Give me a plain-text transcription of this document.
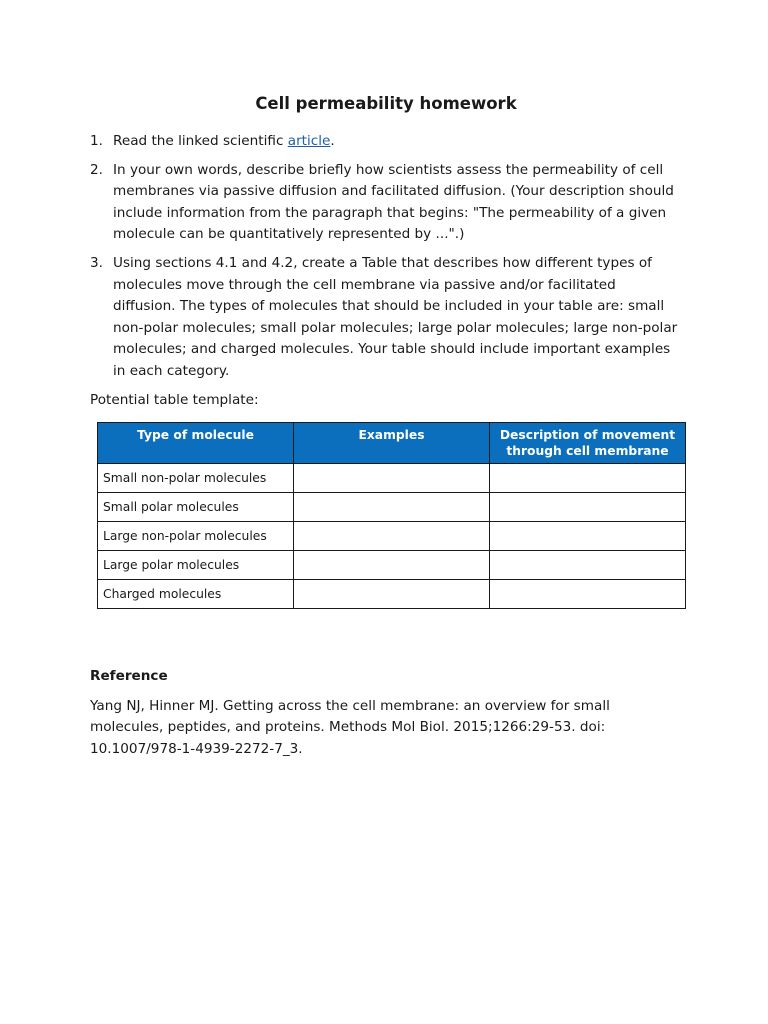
Cell permeability homework
1. Read the linked scientific article.
2. In your own words, describe briefly how scientists assess the permeability of cell membranes via passive diffusion and facilitated diffusion. (Your description should include information from the paragraph that begins: "The permeability of a given molecule can be quantitatively represented by ...".)
3. Using sections 4.1 and 4.2, create a Table that describes how different types of molecules move through the cell membrane via passive and/or facilitated diffusion. The types of molecules that should be included in your table are: small non-polar molecules; small polar molecules; large polar molecules; large non-polar molecules; and charged molecules. Your table should include important examples in each category.

Potential table template:

Type of molecule	Examples	Description of movement through cell membrane
Small non-polar molecules		
Small polar molecules		
Large non-polar molecules		
Large polar molecules		
Charged molecules		

Reference

Yang NJ, Hinner MJ. Getting across the cell membrane: an overview for small molecules, peptides, and proteins. Methods Mol Biol. 2015;1266:29-53. doi: 10.1007/978-1-4939-2272-7_3.
